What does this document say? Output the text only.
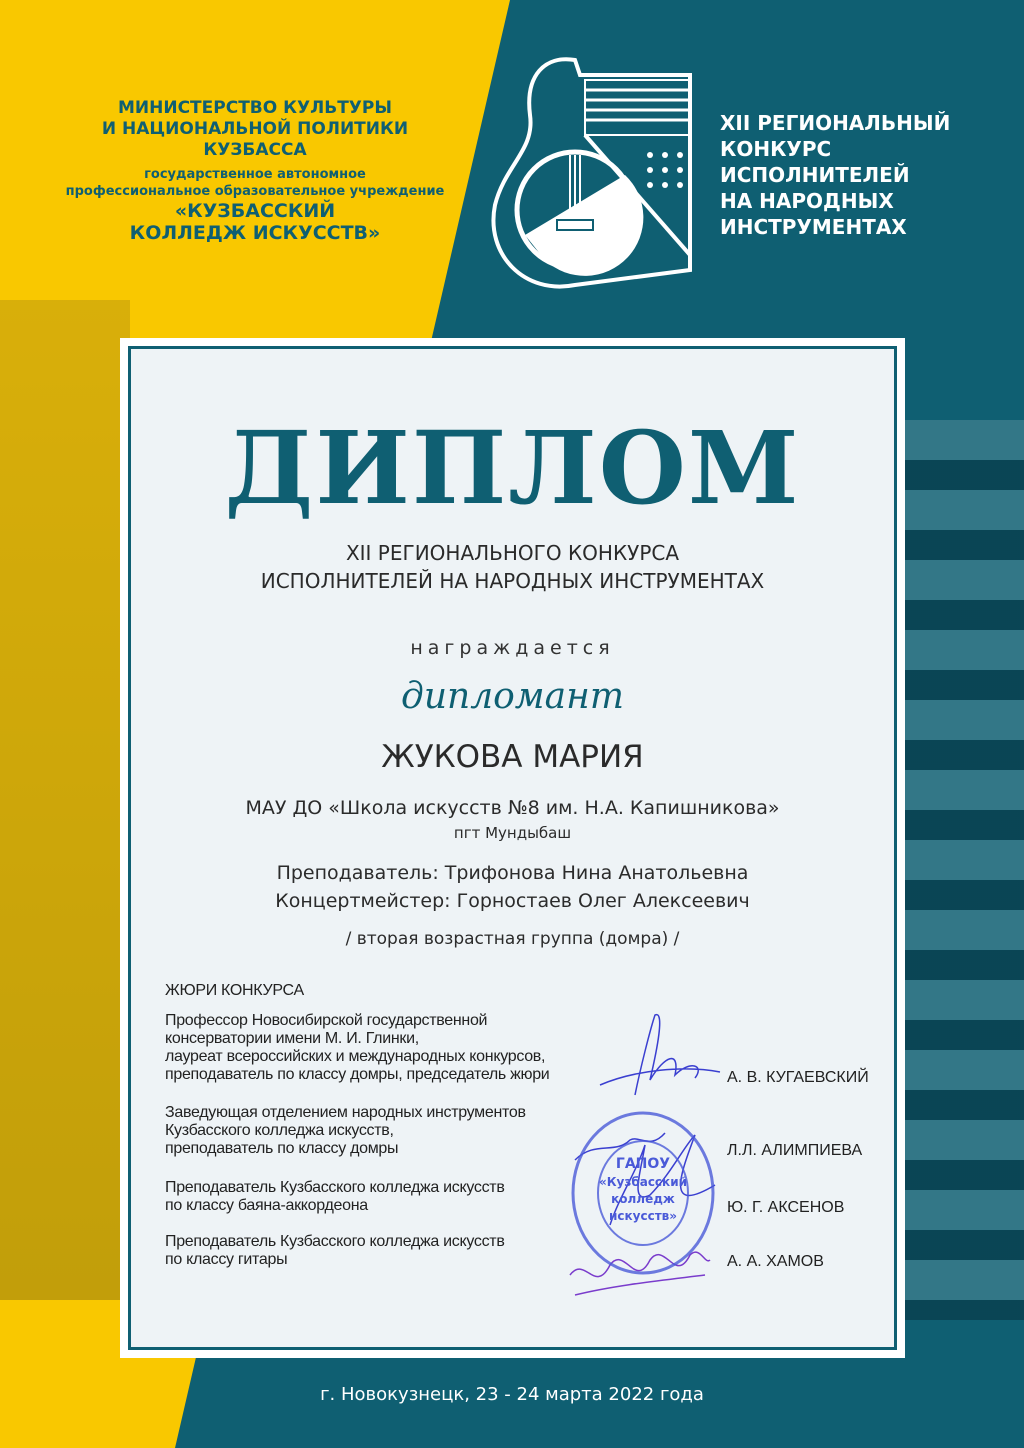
МИНИСТЕРСТВО КУЛЬТУРЫ
И НАЦИОНАЛЬНОЙ ПОЛИТИКИ
КУЗБАССА
государственное автономное
профессиональное образовательное учреждение
«КУЗБАССКИЙ
КОЛЛЕДЖ ИСКУССТВ»
XII РЕГИОНАЛЬНЫЙ
КОНКУРС
ИСПОЛНИТЕЛЕЙ
НА НАРОДНЫХ
ИНСТРУМЕНТАХ
ДИПЛОМ
XII РЕГИОНАЛЬНОГО КОНКУРСА
ИСПОЛНИТЕЛЕЙ НА НАРОДНЫХ ИНСТРУМЕНТАХ
награждается
дипломант
ЖУКОВА МАРИЯ
МАУ ДО «Школа искусств №8 им. Н.А. Капишникова»
пгт Мундыбаш
Преподаватель: Трифонова Нина Анатольевна
Концертмейстер: Горностаев Олег Алексеевич
/ вторая возрастная группа (домра) /
ЖЮРИ КОНКУРСА
Профессор Новосибирской государственной
консерватории имени М. И. Глинки,
лауреат всероссийских и международных конкурсов,
преподаватель по классу домры, председатель жюри	А. В. КУГАЕВСКИЙ
Заведующая отделением народных инструментов
Кузбасского колледжа искусств,
преподаватель по классу домры	Л.Л. АЛИМПИЕВА
Преподаватель Кузбасского колледжа искусств
по классу баяна-аккордеона	Ю. Г. АКСЕНОВ
Преподаватель Кузбасского колледжа искусств
по классу гитары	А. А. ХАМОВ
ГАПОУ
«Кузбасский
колледж
искусств»
г. Новокузнецк, 23 - 24 марта 2022 года
